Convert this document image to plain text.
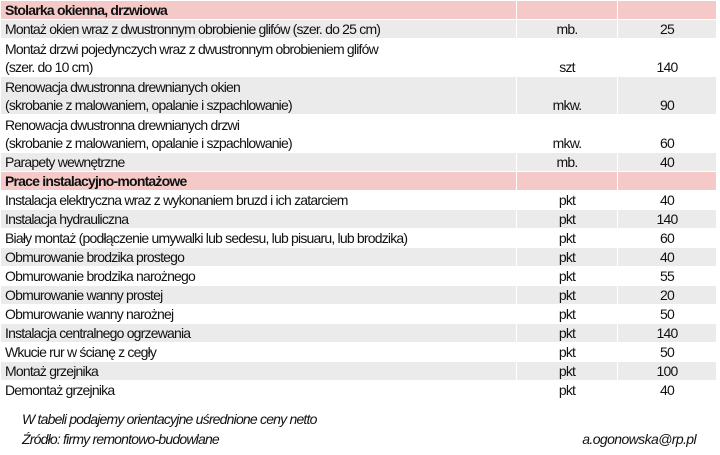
Stolarka okienna, drzwiowa		

Montaż okien wraz z dwustronnym obrobienie glifów (szer. do 25 cm)	mb.	25

Montaż drzwi pojedynczych wraz z dwustronnym obrobieniem glifów
(szer. do 10 cm)	szt	140

Renowacja dwustronna drewnianych okien
(skrobanie z malowaniem, opalanie i szpachlowanie)	mkw.	90

Renowacja dwustronna drewnianych drzwi
(skrobanie z malowaniem, opalanie i szpachlowanie)	mkw.	60

Parapety wewnętrzne	mb.	40
Prace instalacyjno-montażowe		

Instalacja elektryczna wraz z wykonaniem bruzd i ich zatarciem	pkt	40

Instalacja hydrauliczna	pkt	140

Biały montaż (podłączenie umywalki lub sedesu, lub pisuaru, lub brodzika)	pkt	60

Obmurowanie brodzika prostego	pkt	40

Obmurowanie brodzika narożnego	pkt	55

Obmurowanie wanny prostej	pkt	20

Obmurowanie wanny narożnej	pkt	50

Instalacja centralnego ogrzewania	pkt	140

Wkucie rur w ścianę z cegły	pkt	50

Montaż grzejnika	pkt	100

Demontaż grzejnika	pkt	40
W tabeli podajemy orientacyjne uśrednione ceny netto
Źródło: firmy remontowo-budowlane	a.ogonowska@rp.pl
